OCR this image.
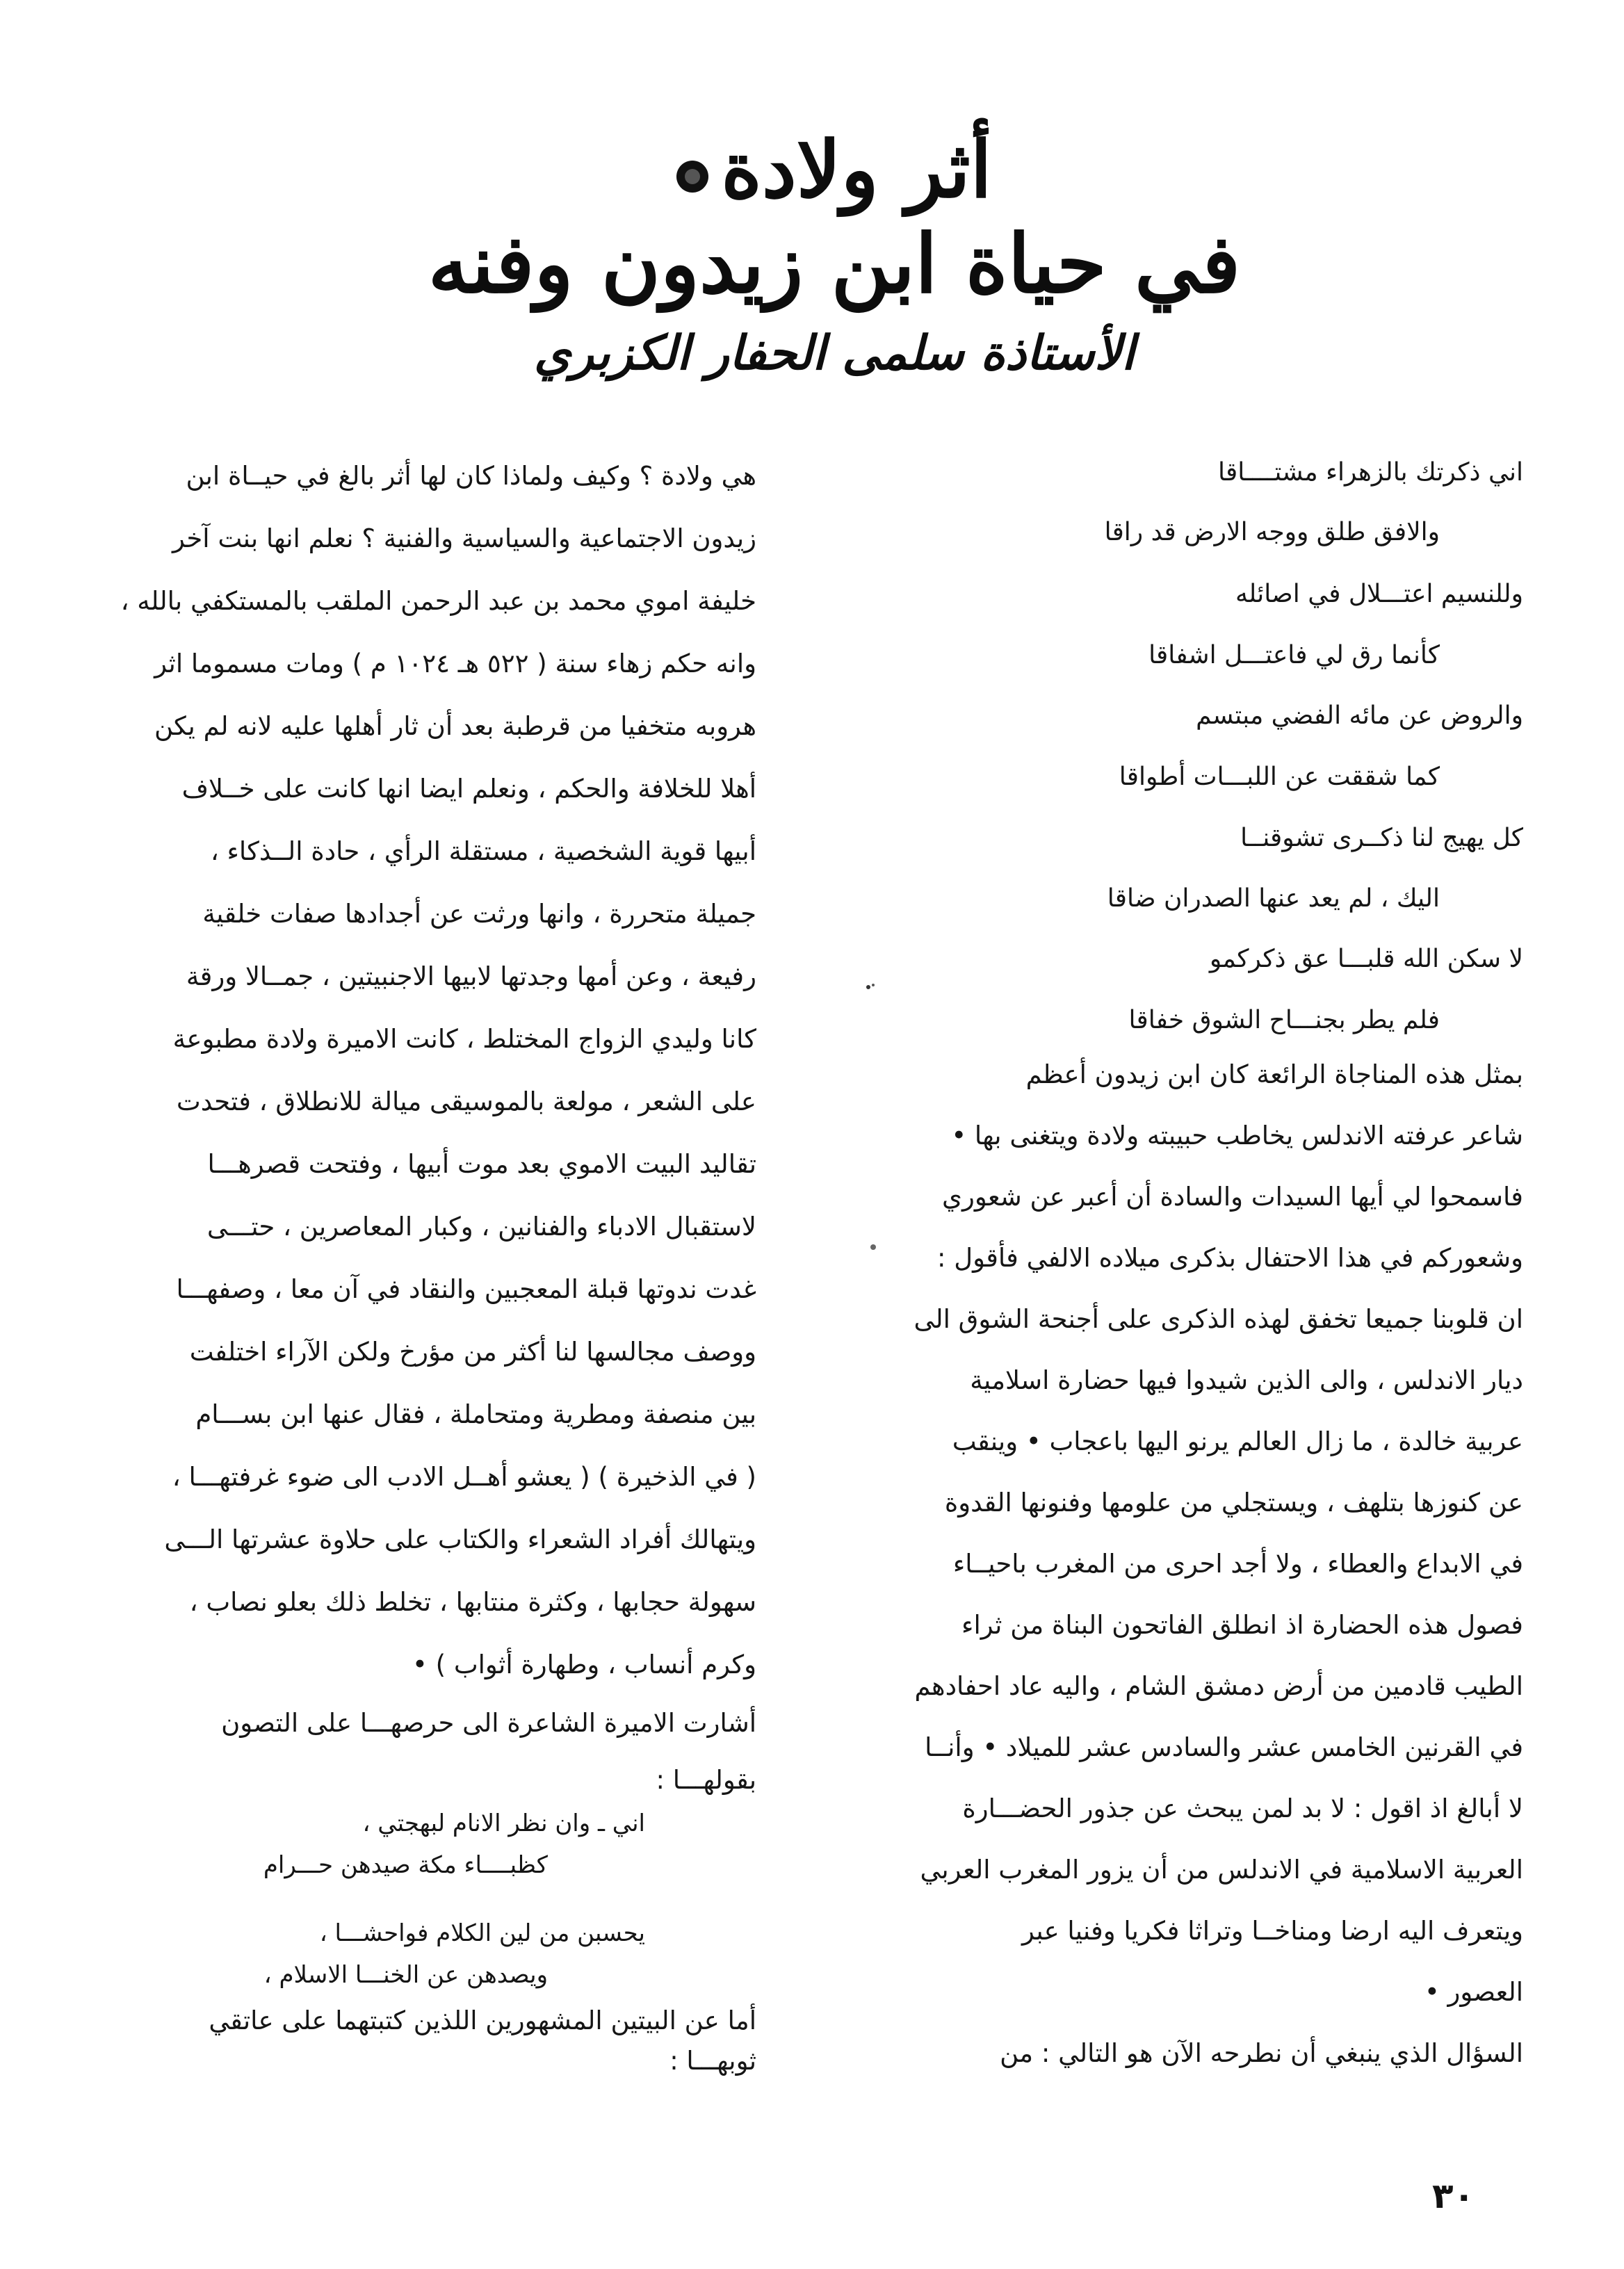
أثر ولادة
في حياة ابن زيدون وفنه
الأستاذة سلمى الحفار الكزبري

اني ذكرتك بالزهراء مشتــــاقا

والافق طلق ووجه الارض قد راقا

وللنسيم اعتـــلال في اصائله

كأنما رق لي فاعتـــل اشفاقا

والروض عن مائه الفضي مبتسم

كما شققت عن اللبـــات أطواقا

كل يهيج لنا ذكــرى تشوقنــا

اليك ، لم يعد عنها الصدران ضاقا

لا سكن الله قلبـــا عق ذكركمو

فلم يطر بجنـــاح الشوق خفاقا

بمثل هذه المناجاة الرائعة كان ابن زيدون أعظم

شاعر عرفته الاندلس يخاطب حبيبته ولادة ويتغنى بها •

فاسمحوا لي أيها السيدات والسادة أن أعبر عن شعوري

وشعوركم في هذا الاحتفال بذكرى ميلاده الالفي فأقول :

ان قلوبنا جميعا تخفق لهذه الذكرى على أجنحة الشوق الى

ديار الاندلس ، والى الذين شيدوا فيها حضارة اسلامية

عربية خالدة ، ما زال العالم يرنو اليها باعجاب • وينقب

عن كنوزها بتلهف ، ويستجلي من علومها وفنونها القدوة

في الابداع والعطاء ، ولا أجد احرى من المغرب باحيــاء

فصول هذه الحضارة اذ انطلق الفاتحون البناة من ثراء

الطيب قادمين من أرض دمشق الشام ، واليه عاد احفادهم

في القرنين الخامس عشر والسادس عشر للميلاد • وأنــا

لا أبالغ اذ اقول : لا بد لمن يبحث عن جذور الحضـــارة

العربية الاسلامية في الاندلس من أن يزور المغرب العربي

ويتعرف اليه ارضا ومناخــا وتراثا فكريا وفنيا عبر

العصور •

السؤال الذي ينبغي أن نطرحه الآن هو التالي : من

هي ولادة ؟ وكيف ولماذا كان لها أثر بالغ في حيــاة ابن

زيدون الاجتماعية والسياسية والفنية ؟ نعلم انها بنت آخر

خليفة اموي محمد بن عبد الرحمن الملقب بالمستكفي بالله ،

وانه حكم زهاء سنة ( ٥٢٢ هـ ١٠٢٤ م ) ومات مسموما اثر

هروبه متخفيا من قرطبة بعد أن ثار أهلها عليه لانه لم يكن

أهلا للخلافة والحكم ، ونعلم ايضا انها كانت على خــلاف

أبيها قوية الشخصية ، مستقلة الرأي ، حادة الــذكاء ،

جميلة متحررة ، وانها ورثت عن أجدادها صفات خلقية

رفيعة ، وعن أمها وجدتها لابيها الاجنبيتين ، جمــالا ورقة

كانا وليدي الزواج المختلط ، كانت الاميرة ولادة مطبوعة

على الشعر ، مولعة بالموسيقى ميالة للانطلاق ، فتحدت

تقاليد البيت الاموي بعد موت أبيها ، وفتحت قصرهـــا

لاستقبال الادباء والفنانين ، وكبار المعاصرين ، حتـــى

غدت ندوتها قبلة المعجبين والنقاد في آن معا ، وصفهـــا

ووصف مجالسها لنا أكثر من مؤرخ ولكن الآراء اختلفت

بين منصفة ومطرية ومتحاملة ، فقال عنها ابن بســـام

( في الذخيرة ) ( يعشو أهــل الادب الى ضوء غرفتهـــا ،

ويتهالك أفراد الشعراء والكتاب على حلاوة عشرتها الـــى

سهولة حجابها ، وكثرة منتابها ، تخلط ذلك بعلو نصاب ،

وكرم أنساب ، وطهارة أثواب ) •

أشارت الاميرة الشاعرة الى حرصهـــا على التصون

بقولهـــا :

اني ـ وان نظر الانام لبهجتي ،

كظبــــاء مكة صيدهن حـــرام

يحسبن من لين الكلام فواحشـــا ،

ويصدهن عن الخنـــا الاسلام ،

أما عن البيتين المشهورين اللذين كتبتهما على عاتقي

ثوبهـــا :

٣٠
